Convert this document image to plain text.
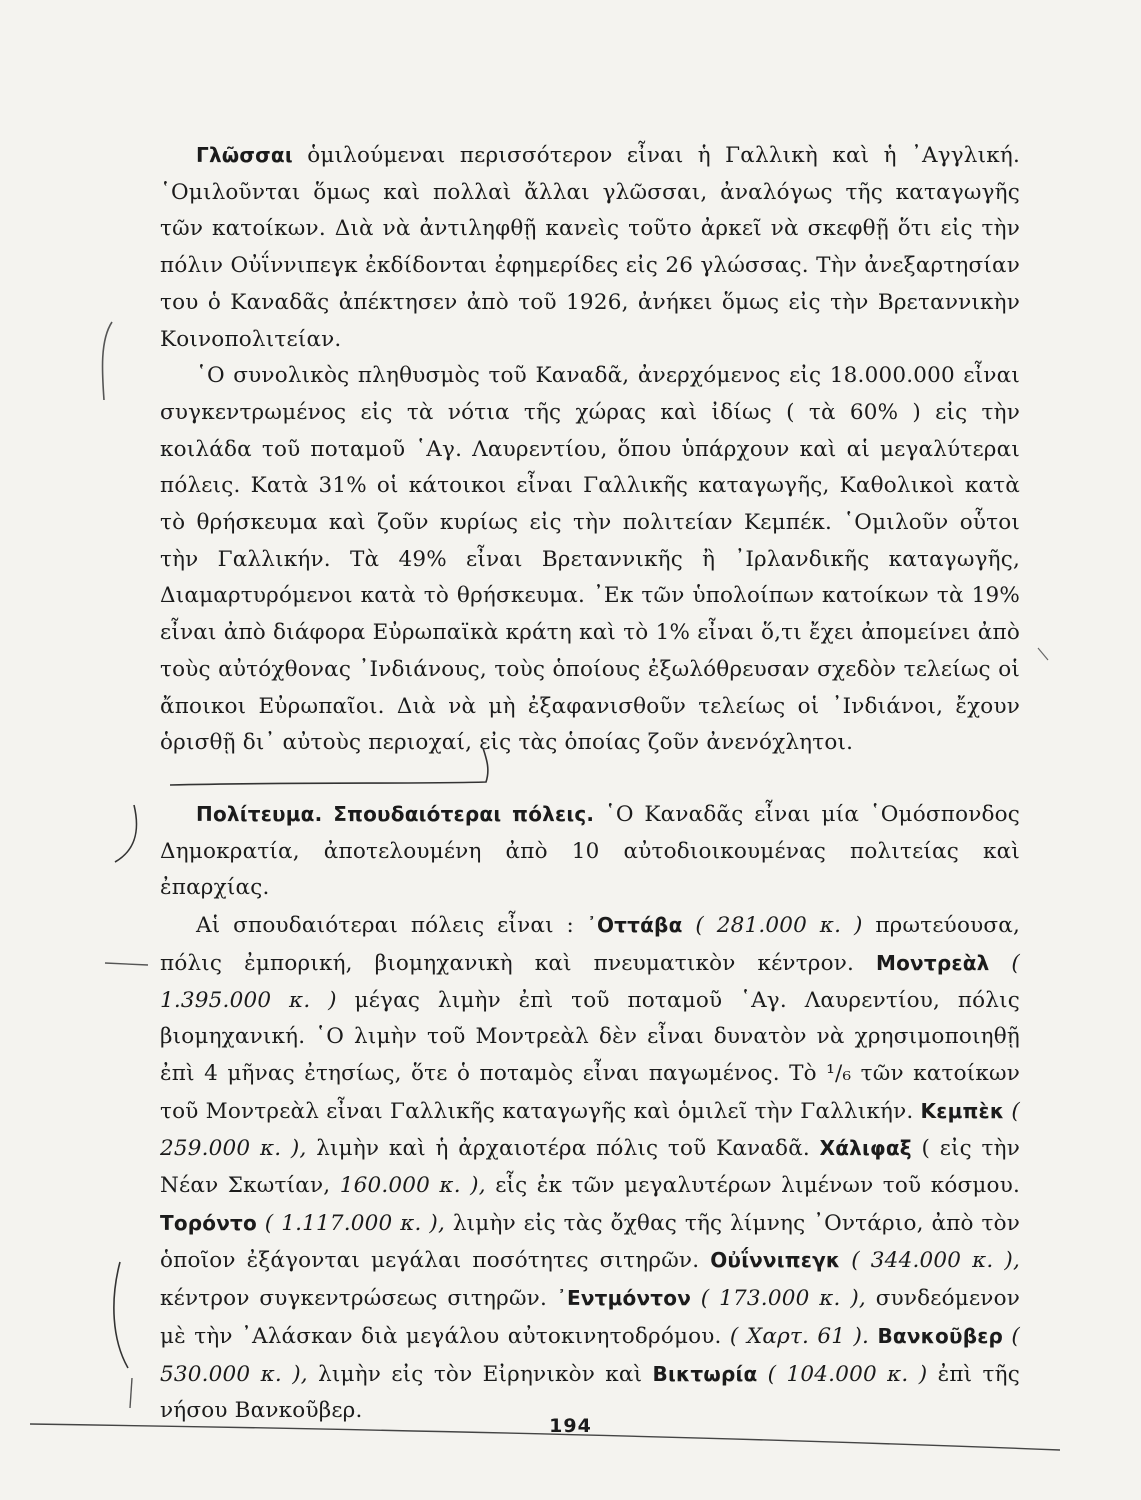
Γλῶσσαι ὁμιλούμεναι περισσότερον εἶναι ἡ Γαλλικὴ καὶ ἡ ᾿Αγγλική. ῾Ομιλοῦνται ὅμως καὶ πολλαὶ ἄλλαι γλῶσσαι, ἀναλόγως τῆς καταγωγῆς τῶν κατοίκων. Διὰ νὰ ἀντιληφθῇ κανεὶς τοῦτο ἀρκεῖ νὰ σκεφθῇ ὅτι εἰς τὴν πόλιν Οὐΐννιπεγκ ἐκδίδονται ἐφημερίδες εἰς 26 γλώσσας. Τὴν ἀνεξαρτησίαν του ὁ Καναδᾶς ἀπέκτησεν ἀπὸ τοῦ 1926, ἀνήκει ὅμως εἰς τὴν Βρεταννικὴν Κοινοπολιτείαν.

῾Ο συνολικὸς πληθυσμὸς τοῦ Καναδᾶ, ἀνερχόμενος εἰς 18.000.000 εἶναι συγκεντρωμένος εἰς τὰ νότια τῆς χώρας καὶ ἰδίως ( τὰ 60% ) εἰς τὴν κοιλάδα τοῦ ποταμοῦ ῾Αγ. Λαυρεντίου, ὅπου ὑπάρχουν καὶ αἱ μεγαλύτεραι πόλεις. Κατὰ 31% οἱ κάτοικοι εἶναι Γαλλικῆς καταγωγῆς, Καθολικοὶ κατὰ τὸ θρήσκευμα καὶ ζοῦν κυρίως εἰς τὴν πολιτείαν Κεμπέκ. ῾Ομιλοῦν οὗτοι τὴν Γαλλικήν. Τὰ 49% εἶναι Βρεταννικῆς ἢ ᾿Ιρλανδικῆς καταγωγῆς, Διαμαρτυρόμενοι κατὰ τὸ θρήσκευμα. ᾿Εκ τῶν ὑπολοίπων κατοίκων τὰ 19% εἶναι ἀπὸ διάφορα Εὐρωπαϊκὰ κράτη καὶ τὸ 1% εἶναι ὅ,τι ἔχει ἀπομείνει ἀπὸ τοὺς αὐτόχθονας ᾿Ινδιάνους, τοὺς ὁποίους ἐξωλόθρευσαν σχεδὸν τελείως οἱ ἄποικοι Εὐρωπαῖοι. Διὰ νὰ μὴ ἐξαφανισθοῦν τελείως οἱ ᾿Ινδιάνοι, ἔχουν ὁρισθῇ δι᾿ αὐτοὺς περιοχαί, εἰς τὰς ὁποίας ζοῦν ἀνενόχλητοι.

Πολίτευμα. Σπουδαιότεραι πόλεις. ῾Ο Καναδᾶς εἶναι μία ῾Ομόσπονδος Δημοκρατία, ἀποτελουμένη ἀπὸ 10 αὐτοδιοικουμένας πολιτείας καὶ ἐπαρχίας.

Αἱ σπουδαιότεραι πόλεις εἶναι : ᾿Οττάβα ( 281.000 κ. ) πρωτεύουσα, πόλις ἐμπορική, βιομηχανικὴ καὶ πνευματικὸν κέντρον. Μοντρεὰλ ( 1.395.000 κ. ) μέγας λιμὴν ἐπὶ τοῦ ποταμοῦ ῾Αγ. Λαυρεντίου, πόλις βιομηχανική. ῾Ο λιμὴν τοῦ Μοντρεὰλ δὲν εἶναι δυνατὸν νὰ χρησιμοποιηθῇ ἐπὶ 4 μῆνας ἐτησίως, ὅτε ὁ ποταμὸς εἶναι παγωμένος. Τὸ ¹/₆ τῶν κατοίκων τοῦ Μοντρεὰλ εἶναι Γαλλικῆς καταγωγῆς καὶ ὁμιλεῖ τὴν Γαλλικήν. Κεμπὲκ ( 259.000 κ. ), λιμὴν καὶ ἡ ἀρχαιοτέρα πόλις τοῦ Καναδᾶ. Χάλιφαξ ( εἰς τὴν Νέαν Σκωτίαν, 160.000 κ. ), εἷς ἐκ τῶν μεγαλυτέρων λιμένων τοῦ κόσμου. Τορόντο ( 1.117.000 κ. ), λιμὴν εἰς τὰς ὄχθας τῆς λίμνης ᾿Οντάριο, ἀπὸ τὸν ὁποῖον ἐξάγονται μεγάλαι ποσότητες σιτηρῶν. Οὐΐννιπεγκ ( 344.000 κ. ), κέντρον συγκεντρώσεως σιτηρῶν. ᾿Εντμόντον ( 173.000 κ. ), συνδεόμενον μὲ τὴν ᾿Αλάσκαν διὰ μεγάλου αὐτοκινητοδρόμου. ( Χαρτ. 61 ). Βανκοῦβερ ( 530.000 κ. ), λιμὴν εἰς τὸν Εἰρηνικὸν καὶ Βικτωρία ( 104.000 κ. ) ἐπὶ τῆς νήσου Βανκοῦβερ.

194
